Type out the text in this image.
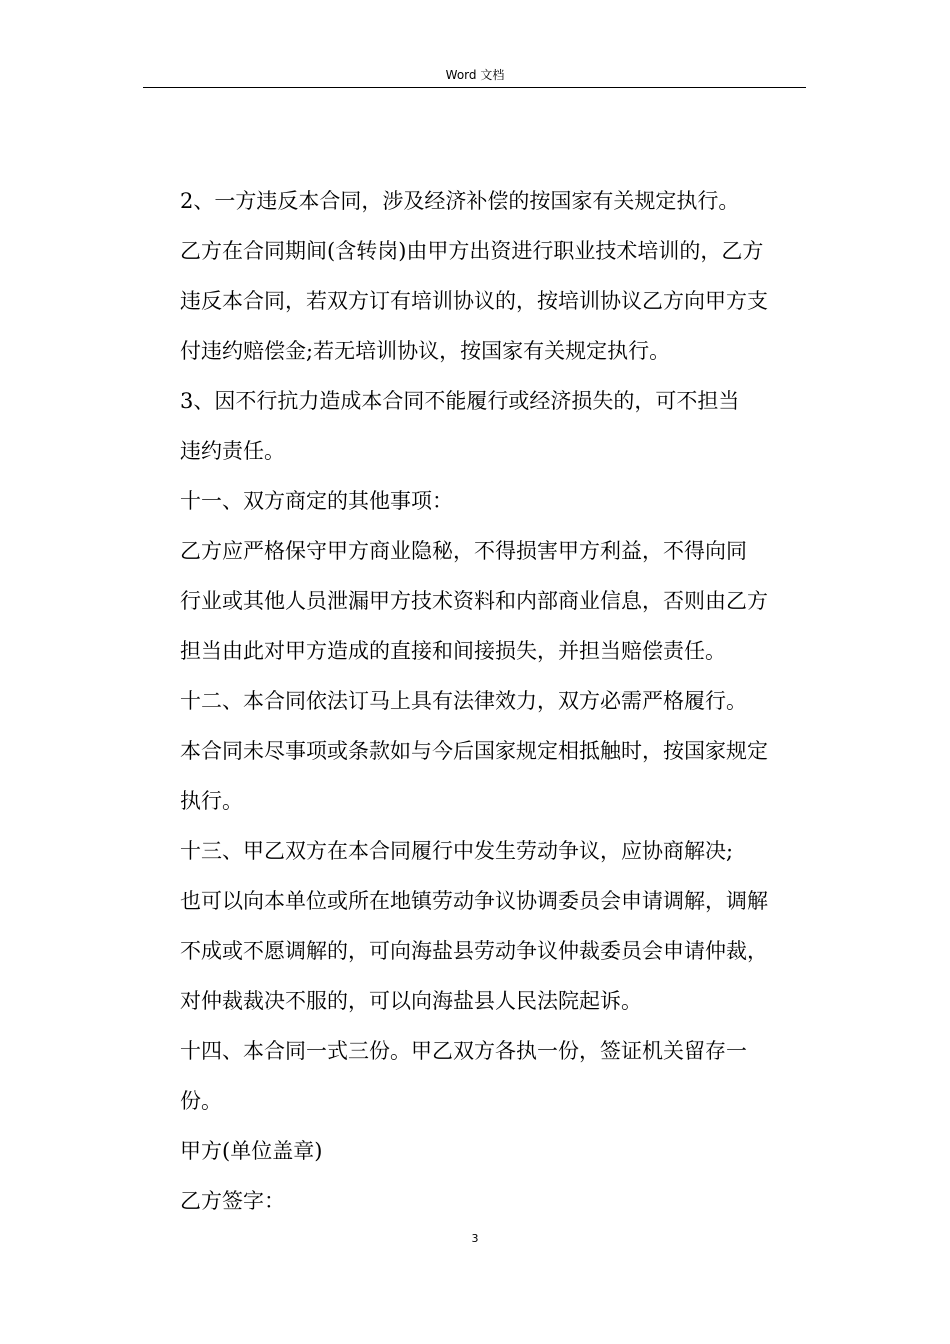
Word 文档
2、一方违反本合同，涉及经济补偿的按国家有关规定执行。
乙方在合同期间(含转岗)由甲方出资进行职业技术培训的，乙方
违反本合同，若双方订有培训协议的，按培训协议乙方向甲方支
付违约赔偿金;若无培训协议，按国家有关规定执行。
3、因不行抗力造成本合同不能履行或经济损失的，可不担当
违约责任。
十一、双方商定的其他事项：
乙方应严格保守甲方商业隐秘，不得损害甲方利益，不得向同
行业或其他人员泄漏甲方技术资料和内部商业信息，否则由乙方
担当由此对甲方造成的直接和间接损失，并担当赔偿责任。
十二、本合同依法订马上具有法律效力，双方必需严格履行。
本合同未尽事项或条款如与今后国家规定相抵触时，按国家规定
执行。
十三、甲乙双方在本合同履行中发生劳动争议，应协商解决;
也可以向本单位或所在地镇劳动争议协调委员会申请调解，调解
不成或不愿调解的，可向海盐县劳动争议仲裁委员会申请仲裁，
对仲裁裁决不服的，可以向海盐县人民法院起诉。
十四、本合同一式三份。甲乙双方各执一份，签证机关留存一
份。
甲方(单位盖章)
乙方签字：
3
